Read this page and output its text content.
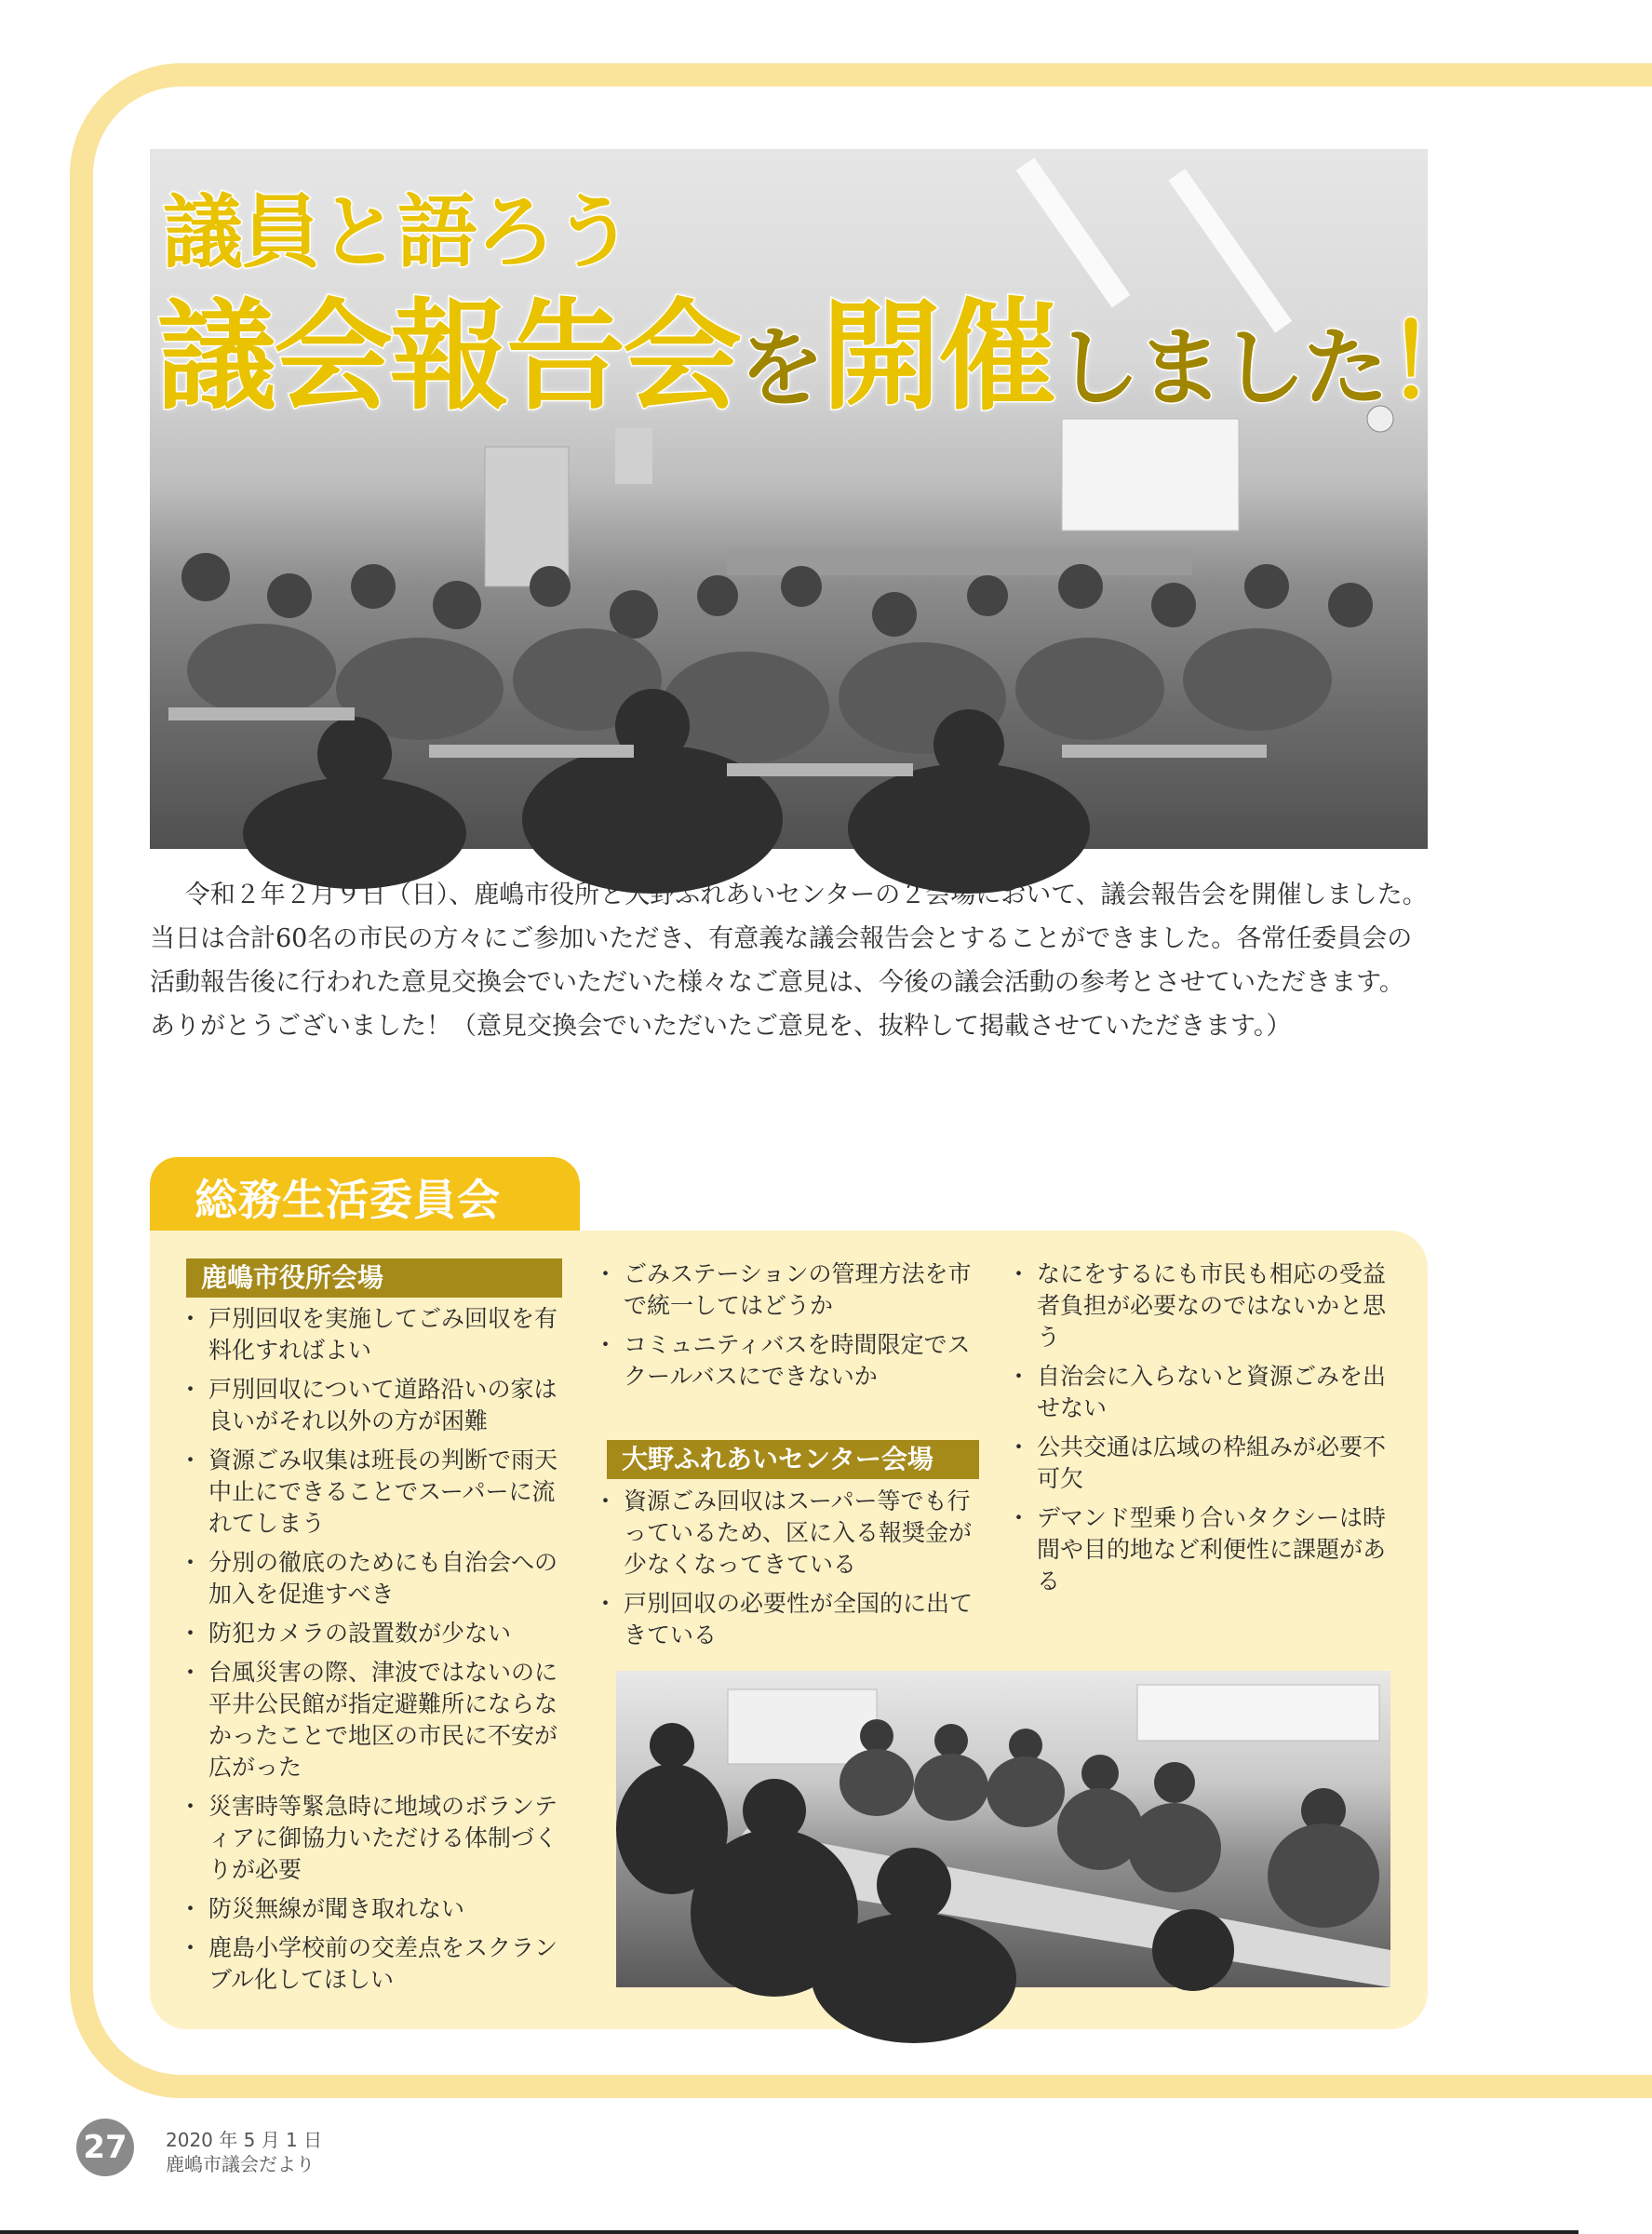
議員と語ろう
議会報告会を開催しました！

令和２年２月９日（日）、鹿嶋市役所と大野ふれあいセンターの２会場において、議会報告会を開催しました。当日は合計60名の市民の方々にご参加いただき、有意義な議会報告会とすることができました。各常任委員会の活動報告後に行われた意見交換会でいただいた様々なご意見は、今後の議会活動の参考とさせていただきます。ありがとうございました！（意見交換会でいただいたご意見を、抜粋して掲載させていただきます。）

総務生活委員会
鹿嶋市役所会場
・ 戸別回収を実施してごみ回収を有料化すればよい
・ 戸別回収について道路沿いの家は良いがそれ以外の方が困難
・ 資源ごみ収集は班長の判断で雨天中止にできることでスーパーに流れてしまう
・ 分別の徹底のためにも自治会への加入を促進すべき
・ 防犯カメラの設置数が少ない
・ 台風災害の際、津波ではないのに平井公民館が指定避難所にならなかったことで地区の市民に不安が広がった
・ 災害時等緊急時に地域のボランティアに御協力いただける体制づくりが必要
・ 防災無線が聞き取れない
・ 鹿島小学校前の交差点をスクランブル化してほしい
・ ごみステーションの管理方法を市で統一してはどうか
・ コミュニティバスを時間限定でスクールバスにできないか
大野ふれあいセンター会場
・ 資源ごみ回収はスーパー等でも行っているため、区に入る報奨金が少なくなってきている
・ 戸別回収の必要性が全国的に出てきている
・ なにをするにも市民も相応の受益者負担が必要なのではないかと思う
・ 自治会に入らないと資源ごみを出せない
・ 公共交通は広域の枠組みが必要不可欠
・ デマンド型乗り合いタクシーは時間や目的地など利便性に課題がある
27	2020 年 5 月 1 日
鹿嶋市議会だより
